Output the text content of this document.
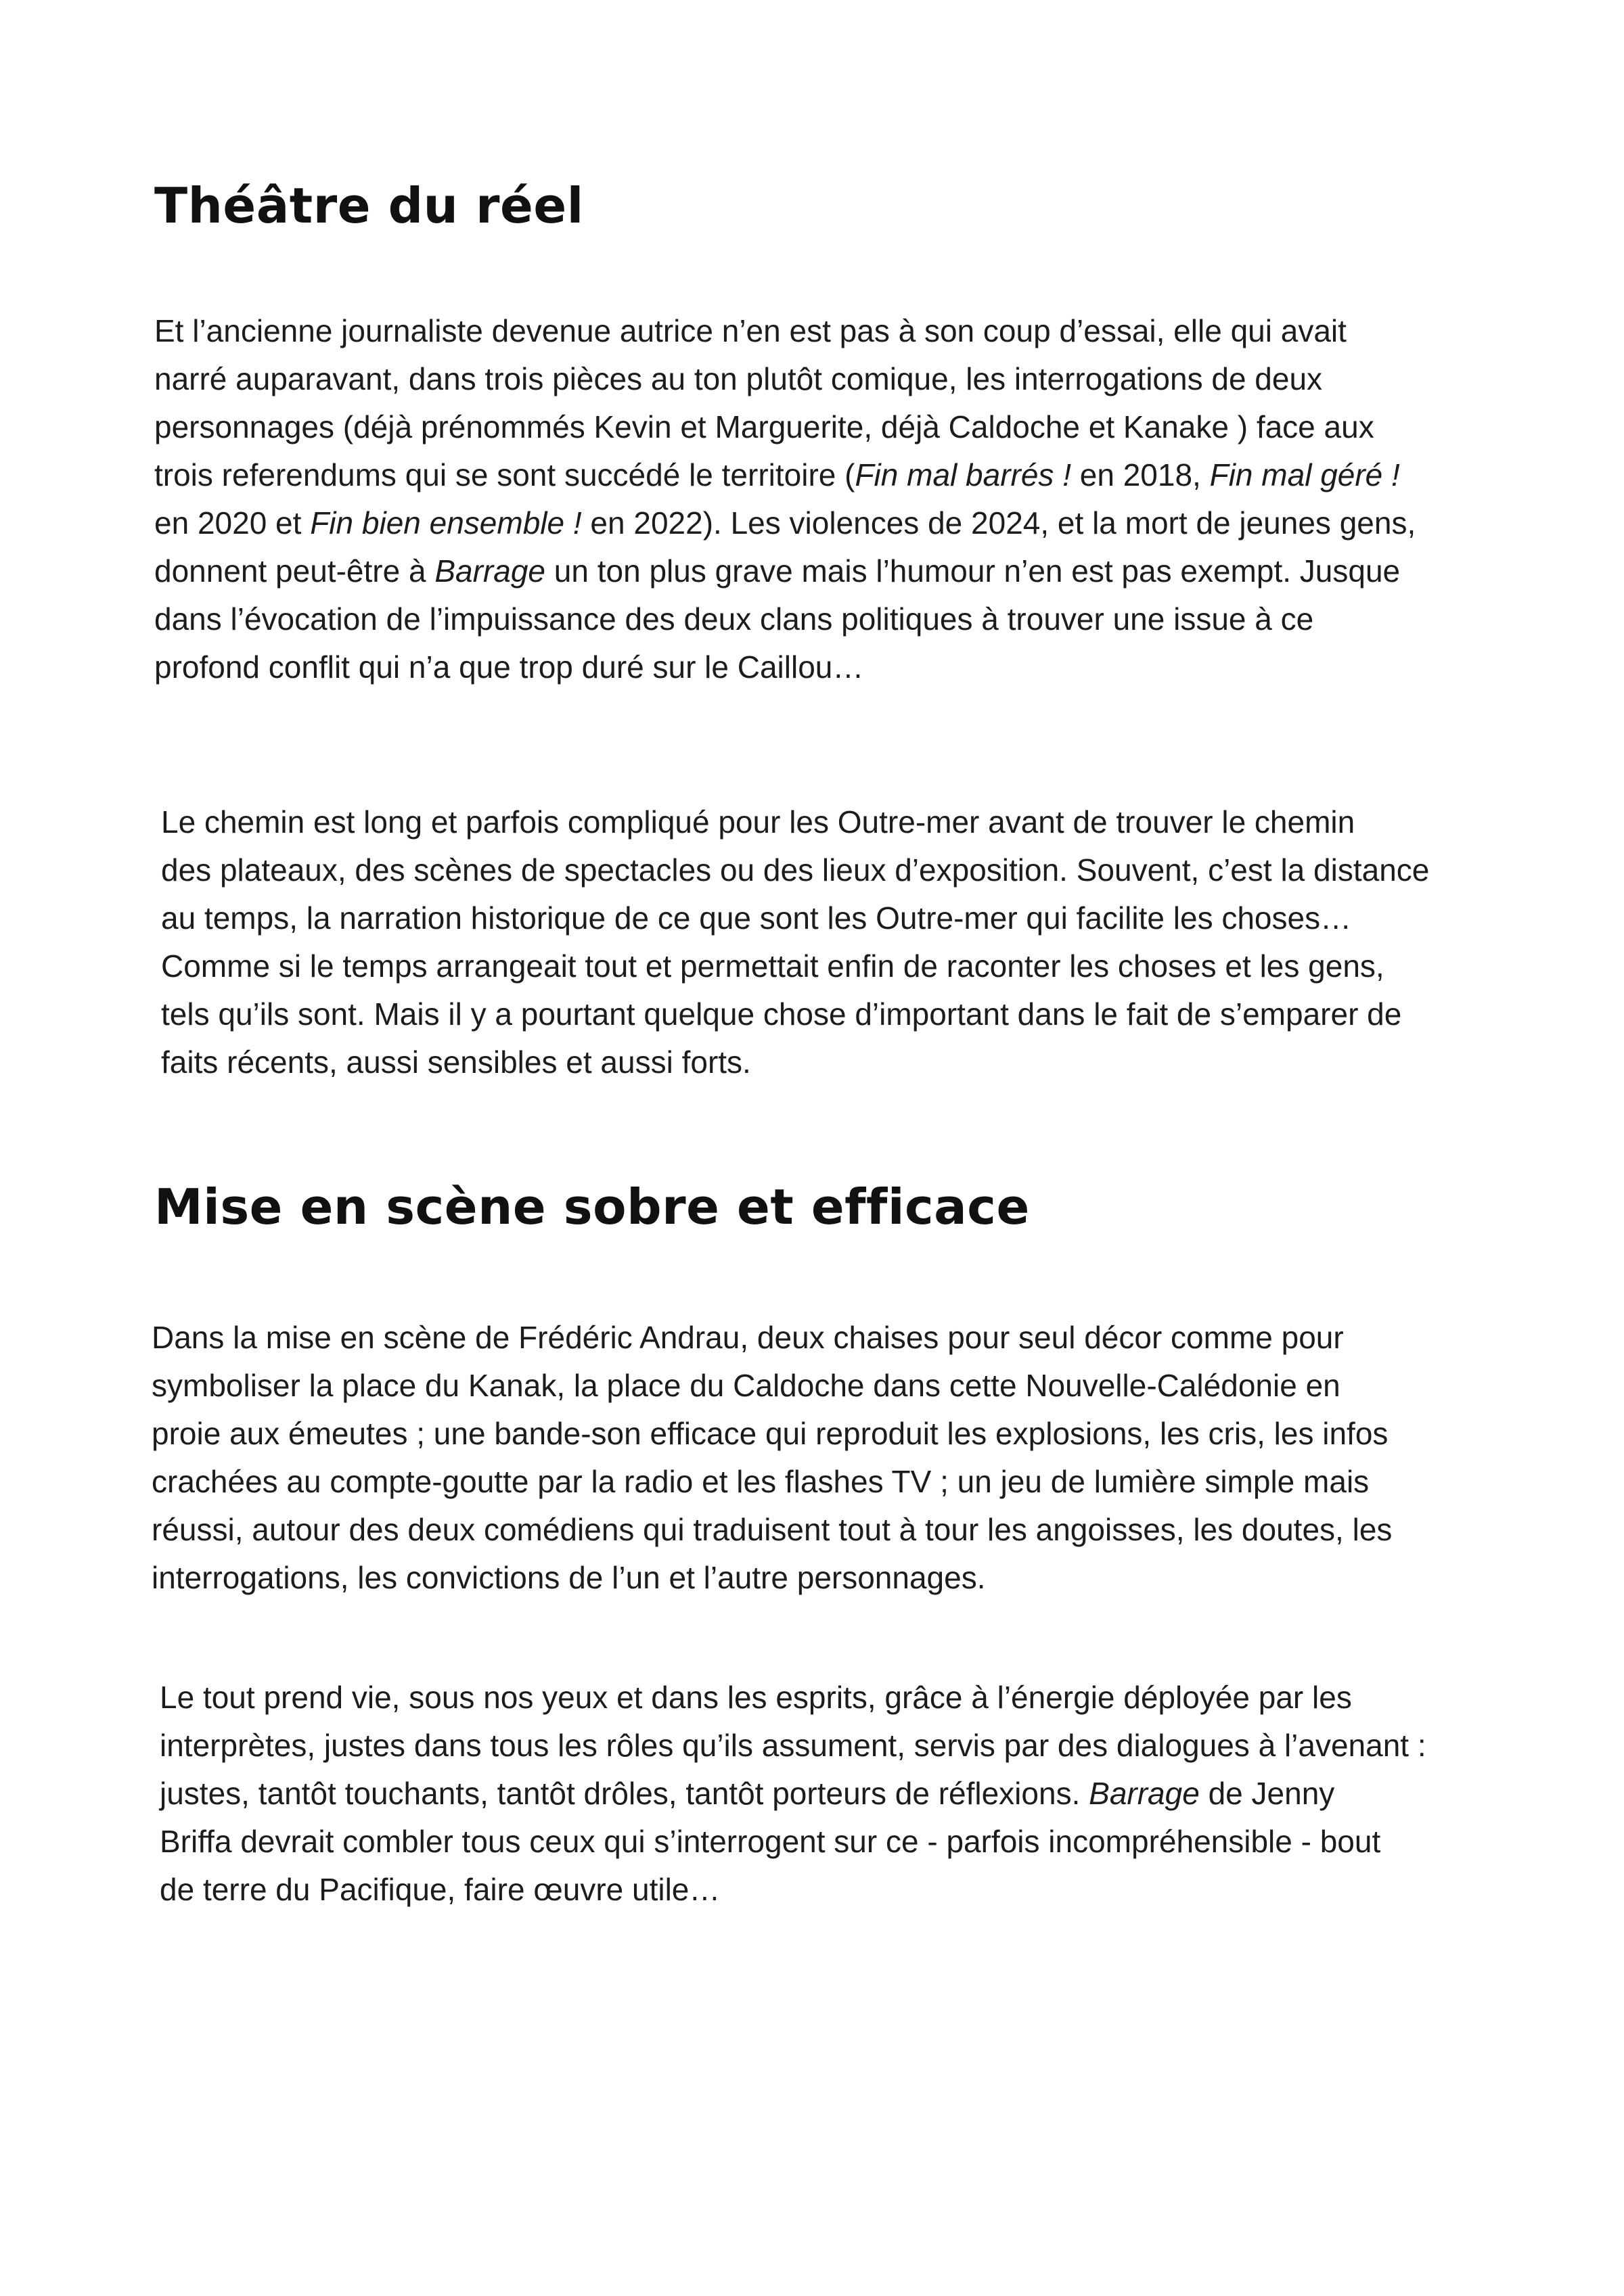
Théâtre du réel
Et l’ancienne journaliste devenue autrice n’en est pas à son coup d’essai, elle qui avait
narré auparavant, dans trois pièces au ton plutôt comique, les interrogations de deux
personnages (déjà prénommés Kevin et Marguerite, déjà Caldoche et Kanake ) face aux
trois referendums qui se sont succédé le territoire (Fin mal barrés ! en 2018, Fin mal géré !
en 2020 et Fin bien ensemble ! en 2022). Les violences de 2024, et la mort de jeunes gens,
donnent peut-être à Barrage un ton plus grave mais l’humour n’en est pas exempt. Jusque
dans l’évocation de l’impuissance des deux clans politiques à trouver une issue à ce
profond conflit qui n’a que trop duré sur le Caillou…
Le chemin est long et parfois compliqué pour les Outre-mer avant de trouver le chemin
des plateaux, des scènes de spectacles ou des lieux d’exposition. Souvent, c’est la distance
au temps, la narration historique de ce que sont les Outre-mer qui facilite les choses…
Comme si le temps arrangeait tout et permettait enfin de raconter les choses et les gens,
tels qu’ils sont. Mais il y a pourtant quelque chose d’important dans le fait de s’emparer de
faits récents, aussi sensibles et aussi forts.
Mise en scène sobre et efficace
Dans la mise en scène de Frédéric Andrau, deux chaises pour seul décor comme pour
symboliser la place du Kanak, la place du Caldoche dans cette Nouvelle-Calédonie en
proie aux émeutes ; une bande-son efficace qui reproduit les explosions, les cris, les infos
crachées au compte-goutte par la radio et les flashes TV ; un jeu de lumière simple mais
réussi, autour des deux comédiens qui traduisent tout à tour les angoisses, les doutes, les
interrogations, les convictions de l’un et l’autre personnages.
Le tout prend vie, sous nos yeux et dans les esprits, grâce à l’énergie déployée par les
interprètes, justes dans tous les rôles qu’ils assument, servis par des dialogues à l’avenant :
justes, tantôt touchants, tantôt drôles, tantôt porteurs de réflexions. Barrage de Jenny
Briffa devrait combler tous ceux qui s’interrogent sur ce - parfois incompréhensible - bout
de terre du Pacifique, faire œuvre utile…
